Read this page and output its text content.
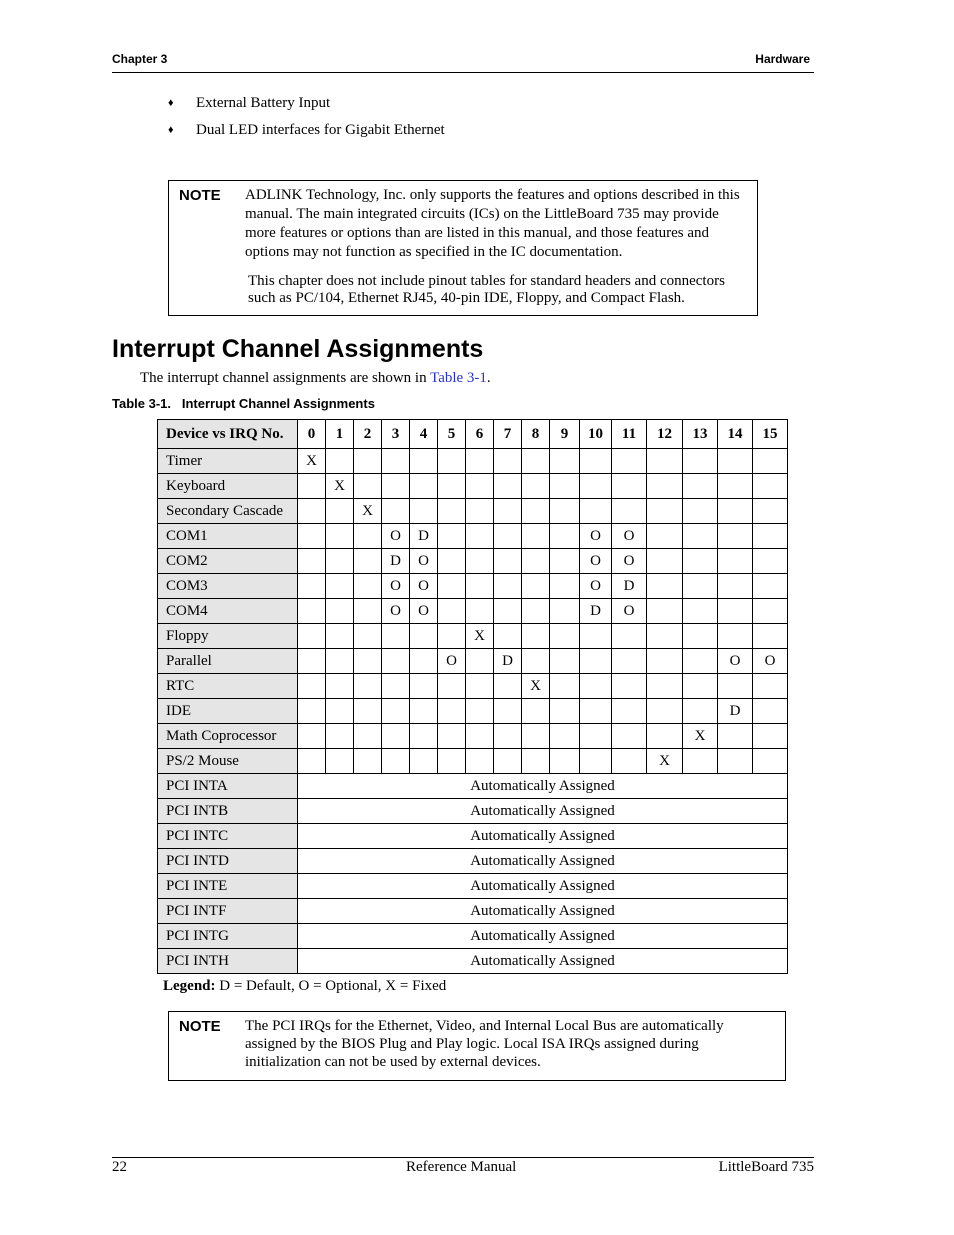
Chapter 3	Hardware
♦	External Battery Input
♦	Dual LED interfaces for Gigabit Ethernet
NOTE ADLINK Technology, Inc. only supports the features and options described in this manual. The main integrated circuits (ICs) on the LittleBoard 735 may provide more features or options than are listed in this manual, and those features and options may not function as specified in the IC documentation.
This chapter does not include pinout tables for standard headers and connectors such as PC/104, Ethernet RJ45, 40-pin IDE, Floppy, and Compact Flash.
Interrupt Channel Assignments
The interrupt channel assignments are shown in Table 3-1.
Table 3-1.   Interrupt Channel Assignments
Device vs IRQ No.	0	1	2	3	4	5	6	7	8	9	10	11	12	13	14	15
Timer	X															
Keyboard		X														
Secondary Cascade			X													
COM1				O	D						O	O				
COM2				D	O						O	O				
COM3				O	O						O	D				
COM4				O	O						D	O				
Floppy							X									
Parallel						O		D							O	O
RTC									X							
IDE															D	
Math Coprocessor														X		
PS/2 Mouse													X			
PCI INTA	Automatically Assigned															
PCI INTB	Automatically Assigned															
PCI INTC	Automatically Assigned															
PCI INTD	Automatically Assigned															
PCI INTE	Automatically Assigned															
PCI INTF	Automatically Assigned															
PCI INTG	Automatically Assigned															
PCI INTH	Automatically Assigned															
Legend: D = Default, O = Optional, X = Fixed
NOTE The PCI IRQs for the Ethernet, Video, and Internal Local Bus are automatically assigned by the BIOS Plug and Play logic. Local ISA IRQs assigned during initialization can not be used by external devices.
22	Reference Manual	LittleBoard 735
